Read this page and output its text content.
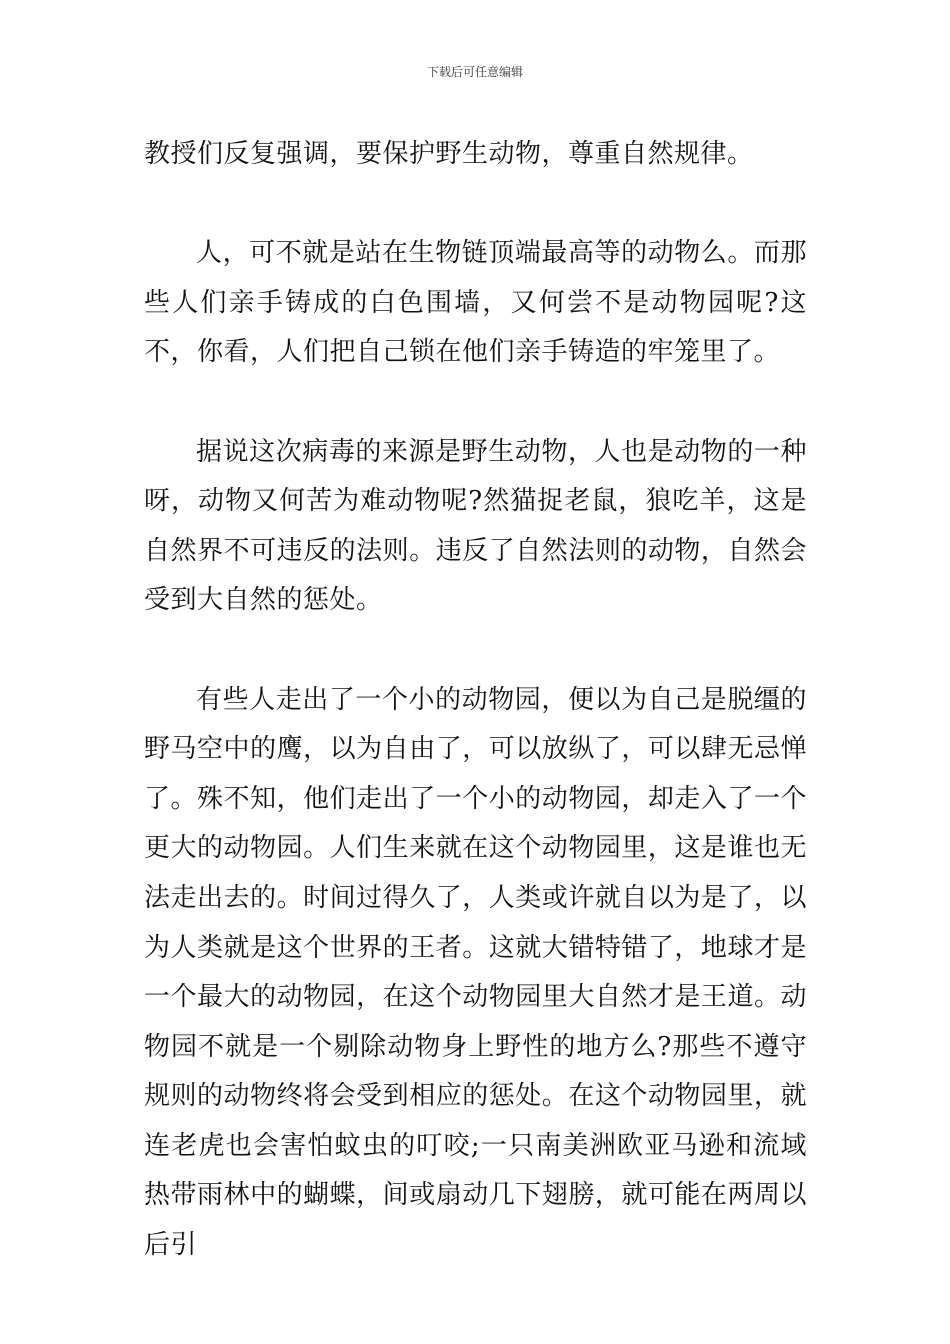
下载后可任意编辑

教授们反复强调，要保护野生动物，尊重自然规律。

人，可不就是站在生物链顶端最高等的动物么。而那些人们亲手铸成的白色围墙，又何尝不是动物园呢?这不，你看，人们把自己锁在他们亲手铸造的牢笼里了。

据说这次病毒的来源是野生动物，人也是动物的一种呀，动物又何苦为难动物呢?然猫捉老鼠，狼吃羊，这是自然界不可违反的法则。违反了自然法则的动物，自然会受到大自然的惩处。

有些人走出了一个小的动物园，便以为自己是脱缰的野马空中的鹰，以为自由了，可以放纵了，可以肆无忌惮了。殊不知，他们走出了一个小的动物园，却走入了一个更大的动物园。人们生来就在这个动物园里，这是谁也无法走出去的。时间过得久了，人类或许就自以为是了，以为人类就是这个世界的王者。这就大错特错了，地球才是一个最大的动物园，在这个动物园里大自然才是王道。动物园不就是一个剔除动物身上野性的地方么?那些不遵守规则的动物终将会受到相应的惩处。在这个动物园里，就连老虎也会害怕蚊虫的叮咬;一只南美洲欧亚马逊和流域热带雨林中的蝴蝶，间或扇动几下翅膀，就可能在两周以后引
